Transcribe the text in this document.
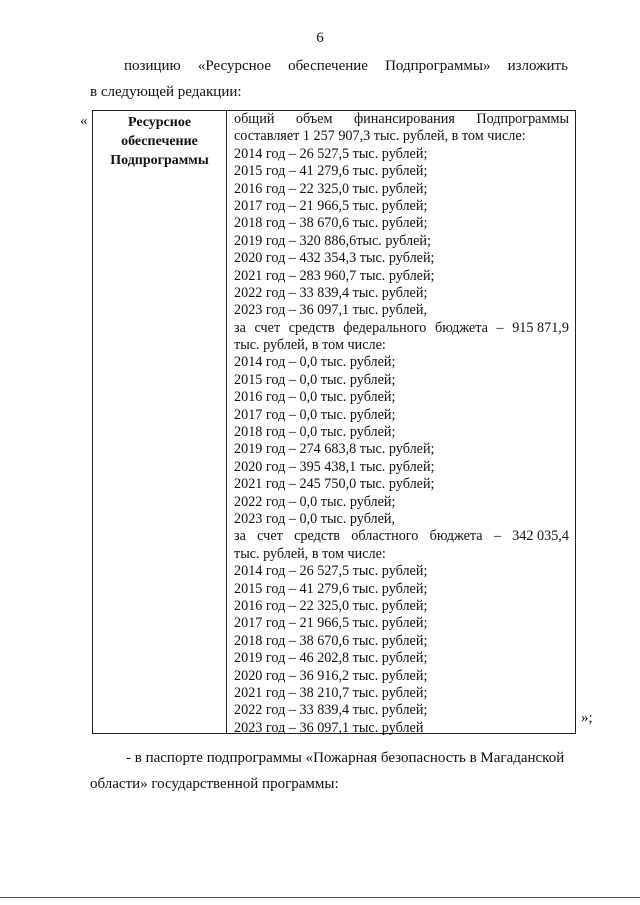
6
позицию «Ресурсное обеспечение Подпрограммы» изложить
в следующей редакции:
«	Ресурсное
обеспечение
Подпрограммы
общий объем финансирования Подпрограммы
составляет 1 257 907,3 тыс. рублей, в том числе:
2014 год – 26 527,5 тыс. рублей;
2015 год – 41 279,6 тыс. рублей;
2016 год – 22 325,0 тыс. рублей;
2017 год – 21 966,5 тыс. рублей;
2018 год – 38 670,6 тыс. рублей;
2019 год – 320 886,6тыс. рублей;
2020 год – 432 354,3 тыс. рублей;
2021 год – 283 960,7 тыс. рублей;
2022 год – 33 839,4 тыс. рублей;
2023 год – 36 097,1 тыс. рублей,
за счет средств федерального бюджета – 915 871,9
тыс. рублей, в том числе:
2014 год – 0,0 тыс. рублей;
2015 год – 0,0 тыс. рублей;
2016 год – 0,0 тыс. рублей;
2017 год – 0,0 тыс. рублей;
2018 год – 0,0 тыс. рублей;
2019 год – 274 683,8 тыс. рублей;
2020 год – 395 438,1 тыс. рублей;
2021 год – 245 750,0 тыс. рублей;
2022 год – 0,0 тыс. рублей;
2023 год – 0,0 тыс. рублей,
за счет средств областного бюджета – 342 035,4
тыс. рублей, в том числе:
2014 год – 26 527,5 тыс. рублей;
2015 год – 41 279,6 тыс. рублей;
2016 год – 22 325,0 тыс. рублей;
2017 год – 21 966,5 тыс. рублей;
2018 год – 38 670,6 тыс. рублей;
2019 год – 46 202,8 тыс. рублей;
2020 год – 36 916,2 тыс. рублей;
2021 год – 38 210,7 тыс. рублей;
2022 год – 33 839,4 тыс. рублей;
2023 год – 36 097,1 тыс. рублей
»;
- в паспорте подпрограммы «Пожарная безопасность в Магаданской
области» государственной программы:
